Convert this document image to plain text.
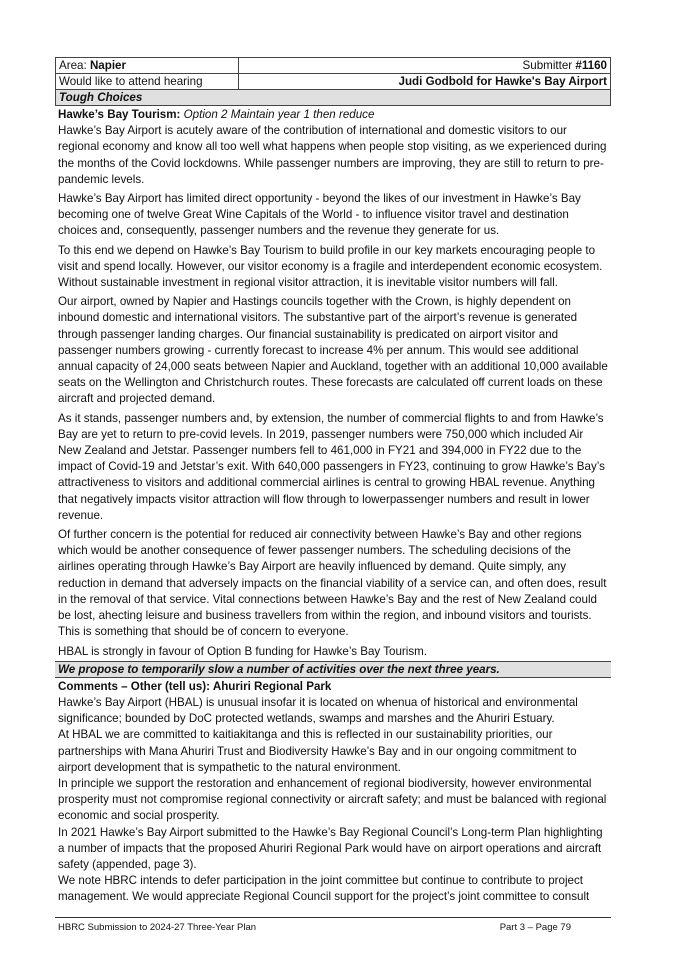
Area: Napier	Submitter #1160
Would like to attend hearing	Judi Godbold for Hawke's Bay Airport
Tough Choices
Hawke’s Bay Tourism: Option 2 Maintain year 1 then reduce

Hawke’s Bay Airport is acutely aware of the contribution of international and domestic visitors to our regional economy and know all too well what happens when people stop visiting, as we experienced during the months of the Covid lockdowns. While passenger numbers are improving, they are still to return to pre-pandemic levels.

Hawke’s Bay Airport has limited direct opportunity - beyond the likes of our investment in Hawke’s Bay becoming one of twelve Great Wine Capitals of the World - to influence visitor travel and destination choices and, consequently, passenger numbers and the revenue they generate for us.

To this end we depend on Hawke’s Bay Tourism to build profile in our key markets encouraging people to visit and spend locally. However, our visitor economy is a fragile and interdependent economic ecosystem. Without sustainable investment in regional visitor attraction, it is inevitable visitor numbers will fall.

Our airport, owned by Napier and Hastings councils together with the Crown, is highly dependent on inbound domestic and international visitors. The substantive part of the airport’s revenue is generated through passenger landing charges. Our financial sustainability is predicated on airport visitor and passenger numbers growing - currently forecast to increase 4% per annum. This would see additional annual capacity of 24,000 seats between Napier and Auckland, together with an additional 10,000 available seats on the Wellington and Christchurch routes. These forecasts are calculated off current loads on these aircraft and projected demand.

As it stands, passenger numbers and, by extension, the number of commercial flights to and from Hawke’s Bay are yet to return to pre-covid levels. In 2019, passenger numbers were 750,000 which included Air New Zealand and Jetstar. Passenger numbers fell to 461,000 in FY21 and 394,000 in FY22 due to the impact of Covid-19 and Jetstar’s exit. With 640,000 passengers in FY23, continuing to grow Hawke’s Bay’s attractiveness to visitors and additional commercial airlines is central to growing HBAL revenue. Anything that negatively impacts visitor attraction will flow through to lowerpassenger numbers and result in lower revenue.

Of further concern is the potential for reduced air connectivity between Hawke’s Bay and other regions which would be another consequence of fewer passenger numbers. The scheduling decisions of the airlines operating through Hawke’s Bay Airport are heavily influenced by demand. Quite simply, any reduction in demand that adversely impacts on the financial viability of a service can, and often does, result in the removal of that service. Vital connections between Hawke’s Bay and the rest of New Zealand could be lost, ahecting leisure and business travellers from within the region, and inbound visitors and tourists. This is something that should be of concern to everyone.

HBAL is strongly in favour of Option B funding for Hawke’s Bay Tourism.

We propose to temporarily slow a number of activities over the next three years.
Comments – Other (tell us): Ahuriri Regional Park

Hawke’s Bay Airport (HBAL) is unusual insofar it is located on whenua of historical and environmental significance; bounded by DoC protected wetlands, swamps and marshes and the Ahuriri Estuary.

At HBAL we are committed to kaitiakitanga and this is reflected in our sustainability priorities, our partnerships with Mana Ahuriri Trust and Biodiversity Hawke’s Bay and in our ongoing commitment to airport development that is sympathetic to the natural environment.

In principle we support the restoration and enhancement of regional biodiversity, however environmental prosperity must not compromise regional connectivity or aircraft safety; and must be balanced with regional economic and social prosperity.

In 2021 Hawke’s Bay Airport submitted to the Hawke’s Bay Regional Council’s Long-term Plan highlighting a number of impacts that the proposed Ahuriri Regional Park would have on airport operations and aircraft safety (appended, page 3).

We note HBRC intends to defer participation in the joint committee but continue to contribute to project management. We would appreciate Regional Council support for the project’s joint committee to consult

HBRC Submission to 2024-27 Three-Year Plan	Part 3 – Page 79
